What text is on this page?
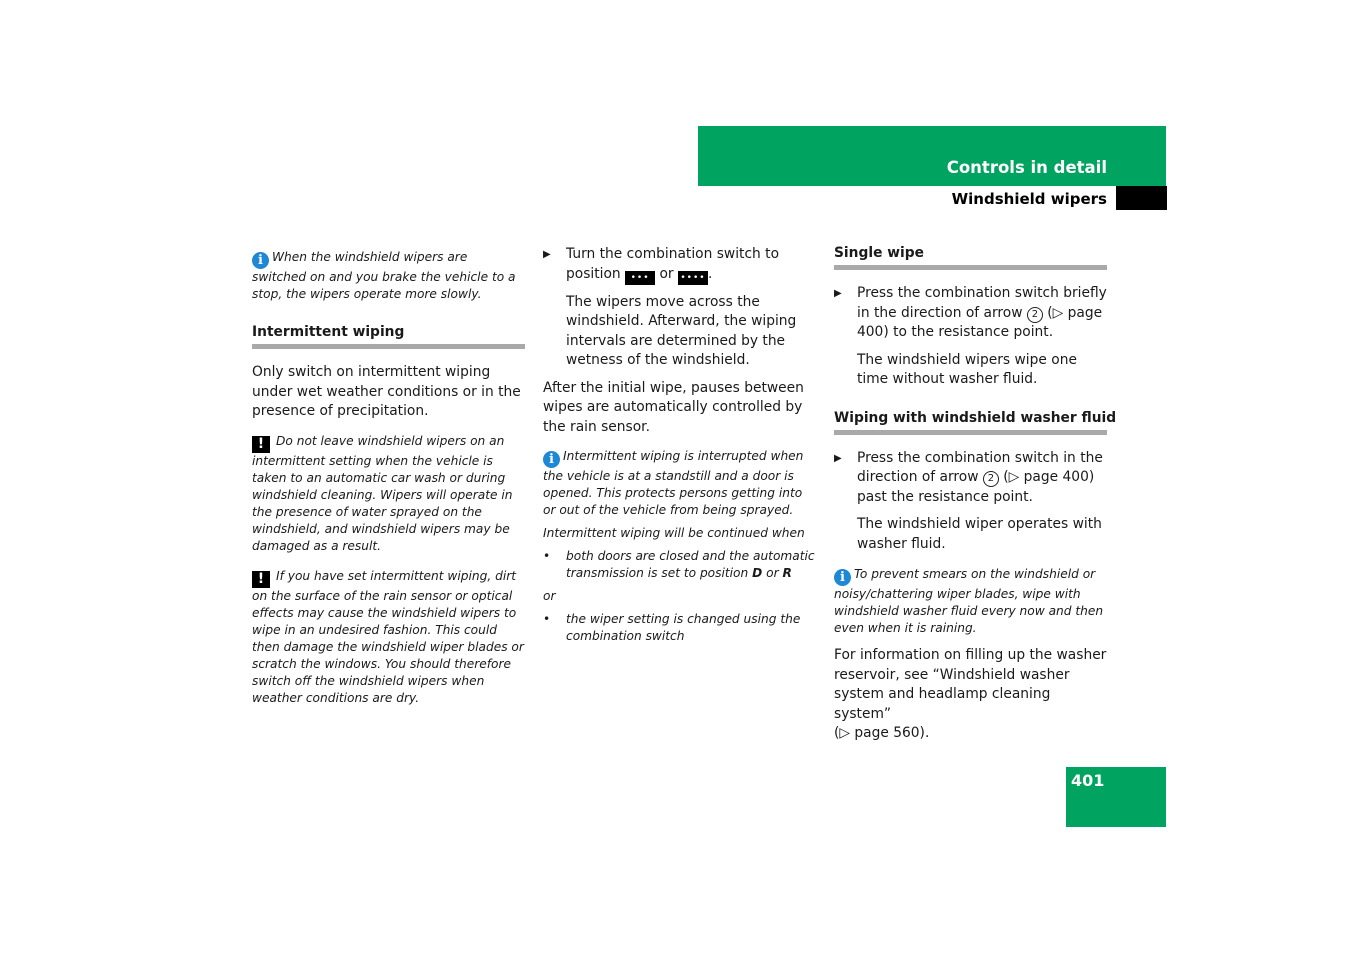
Controls in detail
Windshield wipers

i When the windshield wipers are switched on and you brake the vehicle to a stop, the wipers operate more slowly.

Intermittent wiping

Only switch on intermittent wiping under wet weather conditions or in the presence of precipitation.

! Do not leave windshield wipers on an intermittent setting when the vehicle is taken to an automatic car wash or during windshield cleaning. Wipers will operate in the presence of water sprayed on the windshield, and windshield wipers may be damaged as a result.

! If you have set intermittent wiping, dirt on the surface of the rain sensor or optical effects may cause the windshield wipers to wipe in an undesired fashion. This could then damage the windshield wiper blades or scratch the windows. You should therefore switch off the windshield wipers when weather conditions are dry.

▶	Turn the combination switch to position ••• or •••• .

The wipers move across the windshield. Afterward, the wiping intervals are determined by the wetness of the windshield.

After the initial wipe, pauses between wipes are automatically controlled by the rain sensor.

i Intermittent wiping is interrupted when the vehicle is at a standstill and a door is opened. This protects persons getting into or out of the vehicle from being sprayed.

Intermittent wiping will be continued when

•	both doors are closed and the automatic transmission is set to position D or R

or

•	the wiper setting is changed using the combination switch

Single wipe

▶	Press the combination switch briefly in the direction of arrow 2 (▷ page 400) to the resistance point.

The windshield wipers wipe one time without washer fluid.

Wiping with windshield washer fluid

▶	Press the combination switch in the direction of arrow 2 (▷ page 400) past the resistance point.

The windshield wiper operates with washer fluid.

i To prevent smears on the windshield or noisy/chattering wiper blades, wipe with windshield washer fluid every now and then even when it is raining.

For information on filling up the washer reservoir, see “Windshield washer system and headlamp cleaning system”
(▷ page 560).

401
